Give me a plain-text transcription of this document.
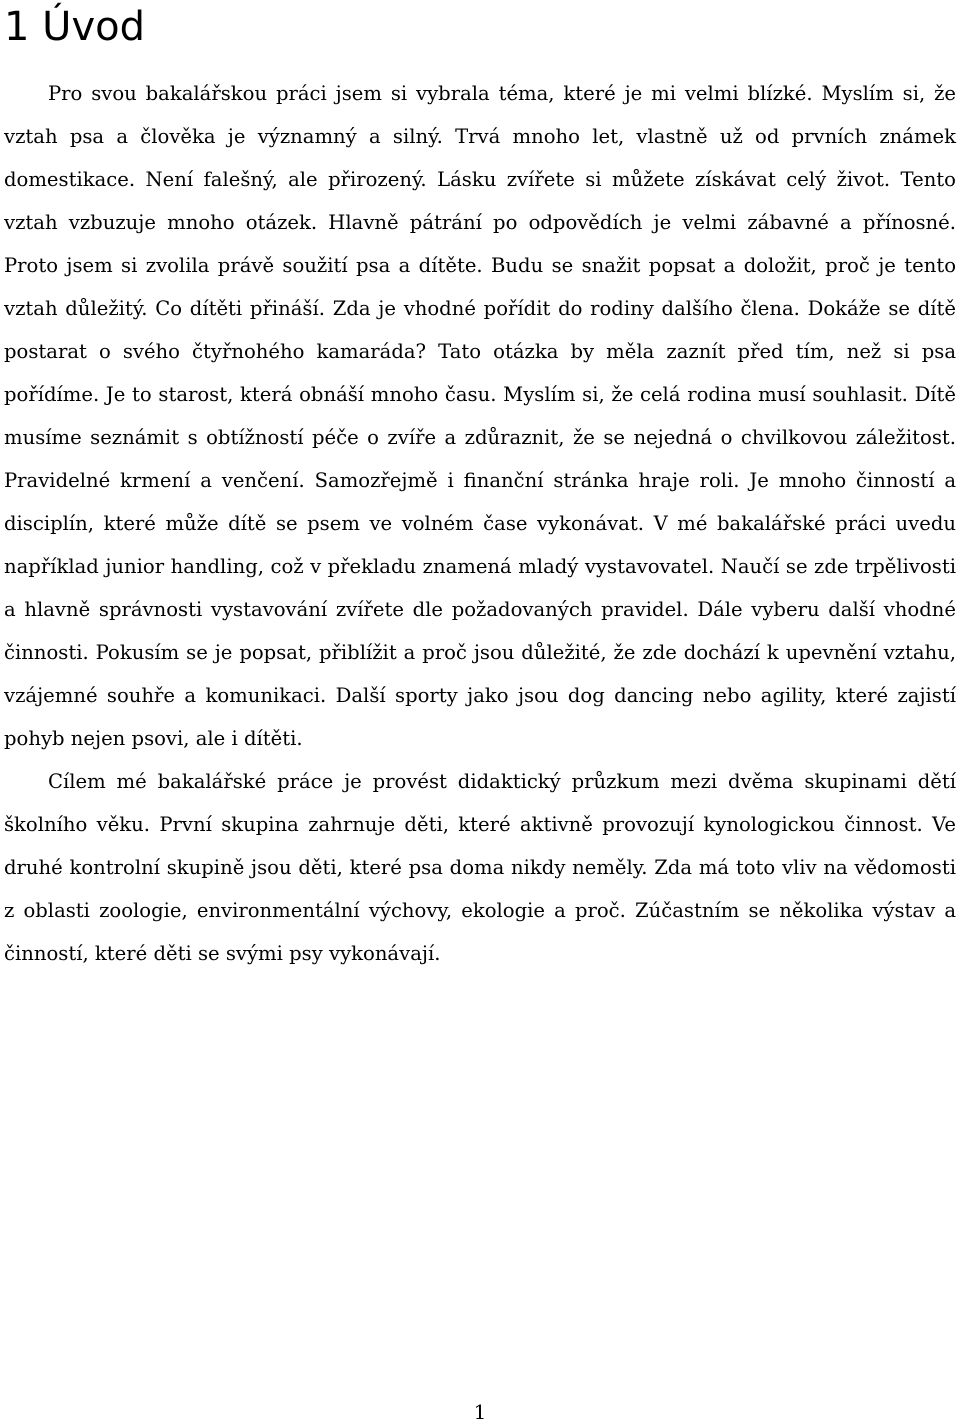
1 Úvod

Pro svou bakalářskou práci jsem si vybrala téma, které je mi velmi blízké. Myslím si, že vztah psa a člověka je významný a silný. Trvá mnoho let, vlastně už od prvních známek domestikace. Není falešný, ale přirozený. Lásku zvířete si můžete získávat celý život. Tento vztah vzbuzuje mnoho otázek. Hlavně pátrání po odpovědích je velmi zábavné a přínosné. Proto jsem si zvolila právě soužití psa a dítěte. Budu se snažit popsat a doložit, proč je tento vztah důležitý. Co dítěti přináší. Zda je vhodné pořídit do rodiny dalšího člena. Dokáže se dítě postarat o svého čtyřnohého kamaráda? Tato otázka by měla zaznít před tím, než si psa pořídíme. Je to starost, která obnáší mnoho času. Myslím si, že celá rodina musí souhlasit. Dítě musíme seznámit s obtížností péče o zvíře a zdůraznit, že se nejedná o chvilkovou záležitost. Pravidelné krmení a venčení. Samozřejmě i finanční stránka hraje roli. Je mnoho činností a disciplín, které může dítě se psem ve volném čase vykonávat. V mé bakalářské práci uvedu například junior handling, což v překladu znamená mladý vystavovatel. Naučí se zde trpělivosti a hlavně správnosti vystavování zvířete dle požadovaných pravidel. Dále vyberu další vhodné činnosti. Pokusím se je popsat, přiblížit a proč jsou důležité, že zde dochází k upevnění vztahu, vzájemné souhře a komunikaci. Další sporty jako jsou dog dancing nebo agility, které zajistí pohyb nejen psovi, ale i dítěti.

Cílem mé bakalářské práce je provést didaktický průzkum mezi dvěma skupinami dětí školního věku. První skupina zahrnuje děti, které aktivně provozují kynologickou činnost. Ve druhé kontrolní skupině jsou děti, které psa doma nikdy neměly. Zda má toto vliv na vědomosti z oblasti zoologie, environmentální výchovy, ekologie a proč. Zúčastním se několika výstav a činností, které děti se svými psy vykonávají.

1
